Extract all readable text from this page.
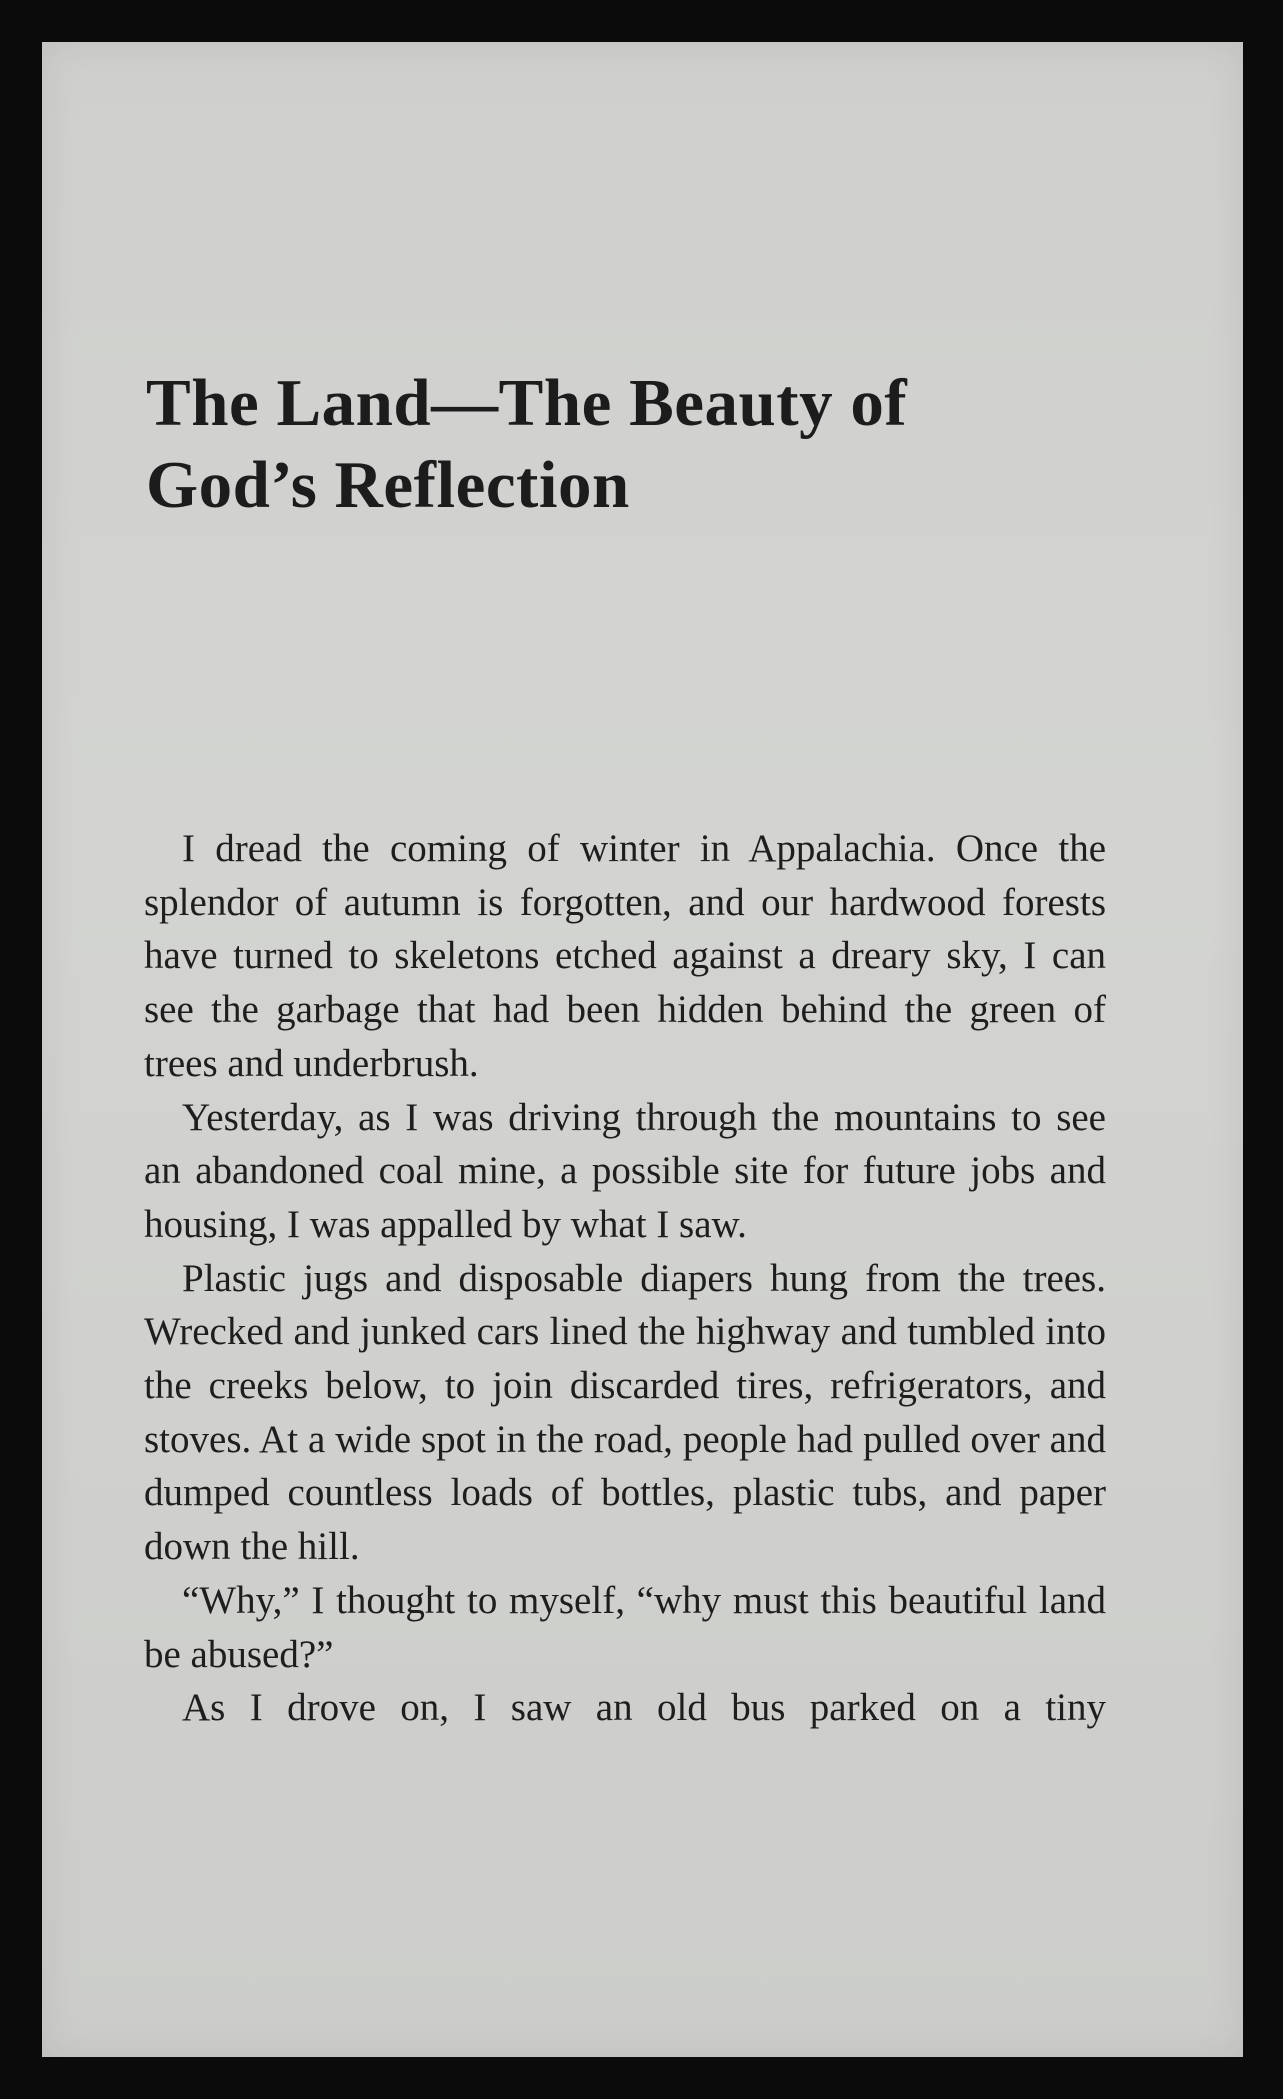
The Land—The Beauty of
God’s Reflection

I dread the coming of winter in Appalachia. Once the splendor of autumn is forgotten, and our hardwood forests have turned to skeletons etched against a dreary sky, I can see the garbage that had been hidden behind the green of trees and underbrush.

Yesterday, as I was driving through the mountains to see an abandoned coal mine, a possible site for future jobs and housing, I was appalled by what I saw.

Plastic jugs and disposable diapers hung from the trees. Wrecked and junked cars lined the highway and tumbled into the creeks below, to join discarded tires, refrigerators, and stoves. At a wide spot in the road, people had pulled over and dumped countless loads of bottles, plastic tubs, and paper down the hill.

“Why,” I thought to myself, “why must this beautiful land be abused?”

As I drove on, I saw an old bus parked on a tiny
